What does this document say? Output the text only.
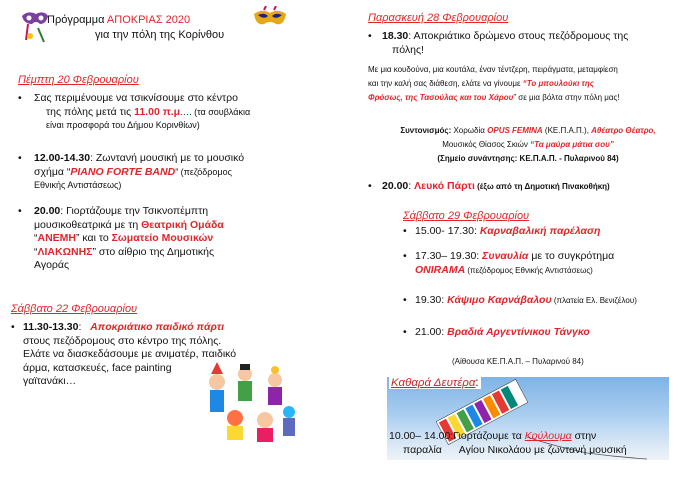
Πρόγραμμα ΑΠΟΚΡΙΑΣ 2020
για την πόλη της Κορίνθου
Πέμπτη 20 Φεβρουαρίου
• Σας περιμένουμε να τσικνίσουμε στο κέντρο
της πόλης μετά τις 11.00 π.μ…. (τα σουβλάκια
είναι προσφορά του Δήμου Κορινθίων)
• 12.00-14.30: Ζωντανή μουσική με το μουσικό
σχήμα “PIANO FORTE BAND” (πεζόδρομος
Εθνικής Αντιστάσεως)
• 20.00: Γιορτάζουμε την Τσικνοπέμπτη
μουσικοθεατρικά με τη Θεατρική Ομάδα
“ΑΝΕΜΗ” και το Σωματείο Μουσικών
“ΛΙΑΚΩΝΗΣ” στο αίθριο της Δημοτικής
Αγοράς
Σάββατο 22 Φεβρουαρίου
• 11.30-13.30:   Αποκριάτικο παιδικό πάρτι
στους πεζόδρομους στο κέντρο της πόλης.
Ελάτε να διασκεδάσουμε με ανιματέρ, παιδικό
άρμα, κατασκευές, face painting
γαϊτανάκι…
Παρασκευή 28 Φεβρουαρίου
• 18.30: Αποκριάτικο δρώμενο στους πεζόδρομους της
πόλης!
Με μια κουδούνα, μια κουτάλα, έναν τέντζερη, πειράγματα, μεταμφίεση
και την καλή σας διάθεση, ελάτε να γίνουμε “Το μπουλούκι της
Φρόσως, της Τασούλας και του Χάρου” σε μια βόλτα στην πόλη μας!
Συντονισμός: Χορωδία OPUS FEMINA (ΚΕ.Π.Α.Π.), Αθέατρο Θέατρο,
Μουσικός Θίασος Σκιών “Τα μαύρα μάτια σου”
(Σημείο συνάντησης: ΚΕ.Π.Α.Π. - Πυλαρινού 84)
• 20.00: Λευκό Πάρτι (έξω από τη Δημοτική Πινακοθήκη)
Σάββατο 29 Φεβρουαρίου
• 15.00- 17.30: Καρναβαλική παρέλαση
• 17.30– 19.30: Συναυλία με το συγκρότημα
ONIRAMA (πεζόδρομος Εθνικής Αντιστάσεως)
• 19.30: Κάψιμο Καρνάβαλου (πλατεία Ελ. Βενιζέλου)
• 21.00: Βραδιά Αργεντίνικου Τάνγκο
(Αίθουσα ΚΕ.Π.Α.Π. – Πυλαρινού 84)
Καθαρά Δευτέρα:
10.00– 14.00:Γιορτάζουμε τα Κούλουμα στην
παραλία      Αγίου Νικολάου με ζωντανή μουσική
